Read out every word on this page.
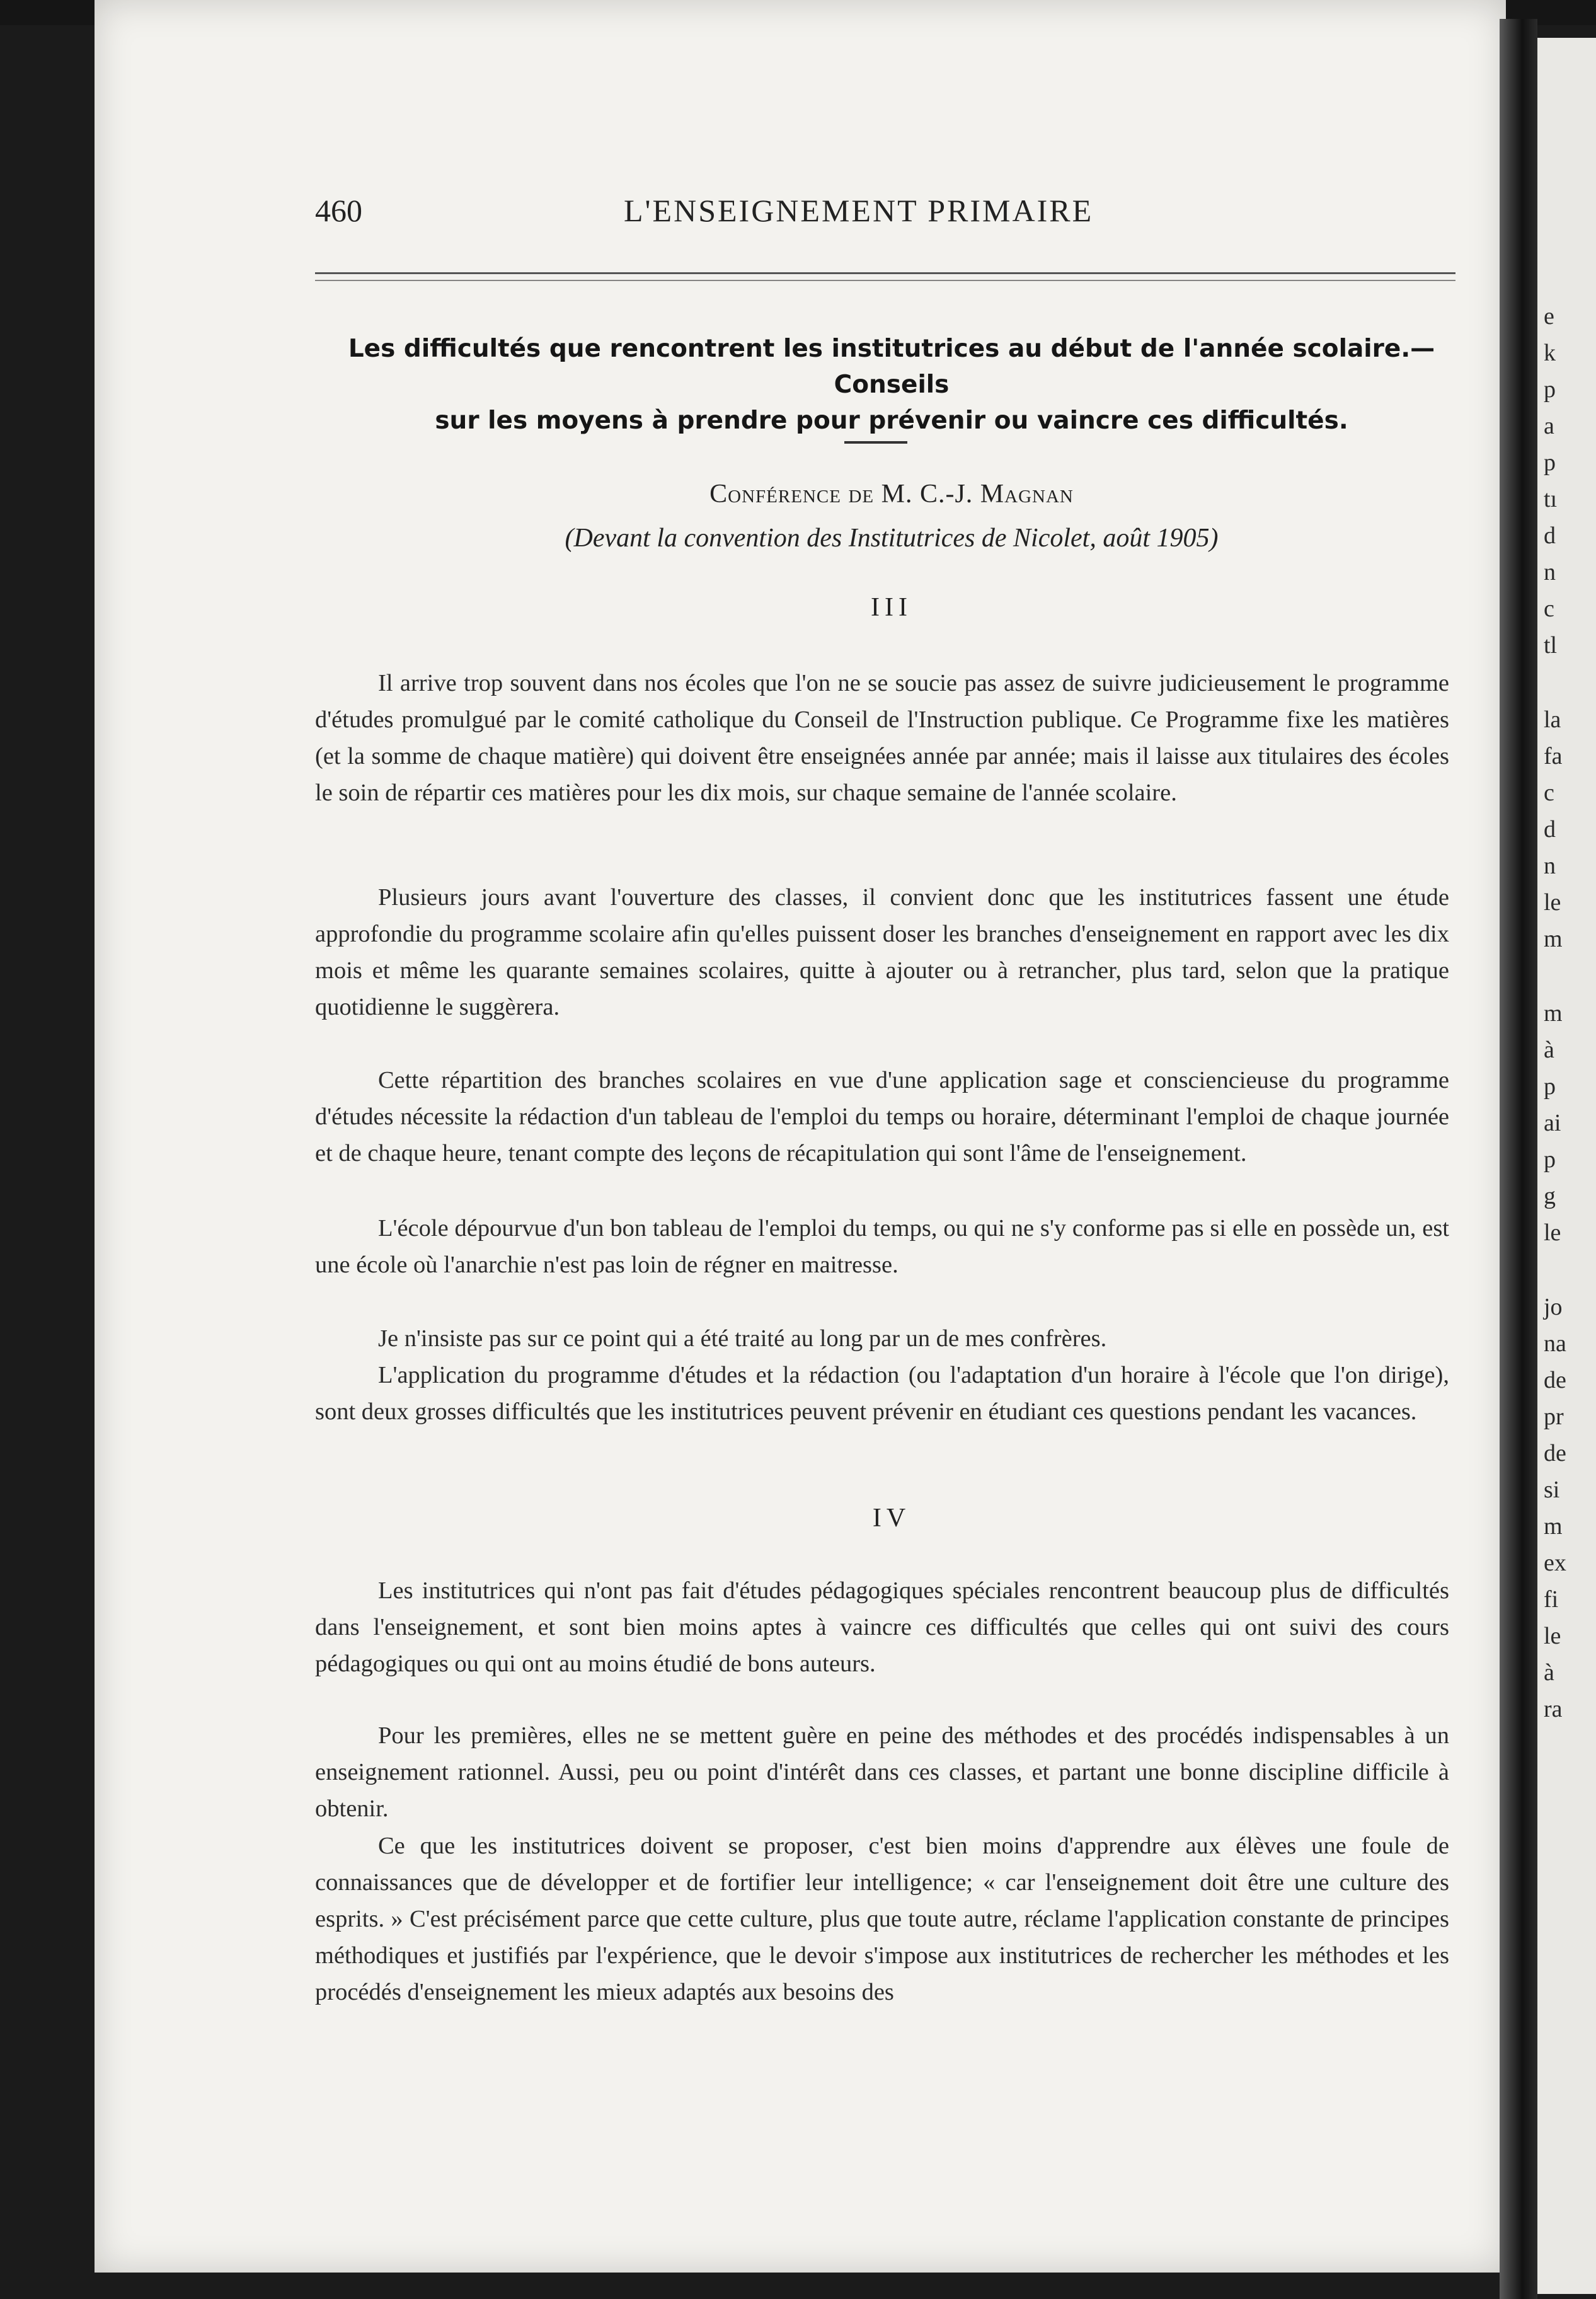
e
k
p
a
p
tı
d
n
c
tl
la
fa
c
d
n
le
m
m
à
p
ai
p
g
le
jo
na
de
pr
de
si
m
ex
fi
le
à
ra
460	L'ENSEIGNEMENT PRIMAIRE
Les difficultés que rencontrent les institutrices au début de l'année scolaire.—Conseils
sur les moyens à prendre pour prévenir ou vaincre ces difficultés.
Conférence de M. C.-J. Magnan
(Devant la convention des Institutrices de Nicolet, août 1905)
III

Il arrive trop souvent dans nos écoles que l'on ne se soucie pas assez de suivre judicieusement le programme d'études promulgué par le comité catholique du Conseil de l'Instruction publique. Ce Programme fixe les matières (et la somme de chaque matière) qui doivent être enseignées année par année; mais il laisse aux titulaires des écoles le soin de répartir ces matières pour les dix mois, sur chaque semaine de l'année scolaire.

Plusieurs jours avant l'ouverture des classes, il convient donc que les institutrices fassent une étude approfondie du programme scolaire afin qu'elles puissent doser les branches d'enseignement en rapport avec les dix mois et même les quarante semaines scolaires, quitte à ajouter ou à retrancher, plus tard, selon que la pratique quotidienne le suggèrera.

Cette répartition des branches scolaires en vue d'une application sage et consciencieuse du programme d'études nécessite la rédaction d'un tableau de l'emploi du temps ou horaire, déterminant l'emploi de chaque journée et de chaque heure, tenant compte des leçons de récapitulation qui sont l'âme de l'enseignement.

L'école dépourvue d'un bon tableau de l'emploi du temps, ou qui ne s'y conforme pas si elle en possède un, est une école où l'anarchie n'est pas loin de régner en maitresse.

Je n'insiste pas sur ce point qui a été traité au long par un de mes confrères.

L'application du programme d'études et la rédaction (ou l'adaptation d'un horaire à l'école que l'on dirige), sont deux grosses difficultés que les institutrices peuvent prévenir en étudiant ces questions pendant les vacances.

IV

Les institutrices qui n'ont pas fait d'études pédagogiques spéciales rencontrent beaucoup plus de difficultés dans l'enseignement, et sont bien moins aptes à vaincre ces difficultés que celles qui ont suivi des cours pédagogiques ou qui ont au moins étudié de bons auteurs.

Pour les premières, elles ne se mettent guère en peine des méthodes et des procédés indispensables à un enseignement rationnel. Aussi, peu ou point d'intérêt dans ces classes, et partant une bonne discipline difficile à obtenir.

Ce que les institutrices doivent se proposer, c'est bien moins d'apprendre aux élèves une foule de connaissances que de développer et de fortifier leur intelligence; « car l'enseignement doit être une culture des esprits. » C'est précisément parce que cette culture, plus que toute autre, réclame l'application constante de principes méthodiques et justifiés par l'expérience, que le devoir s'impose aux institutrices de rechercher les méthodes et les procédés d'enseignement les mieux adaptés aux besoins des
